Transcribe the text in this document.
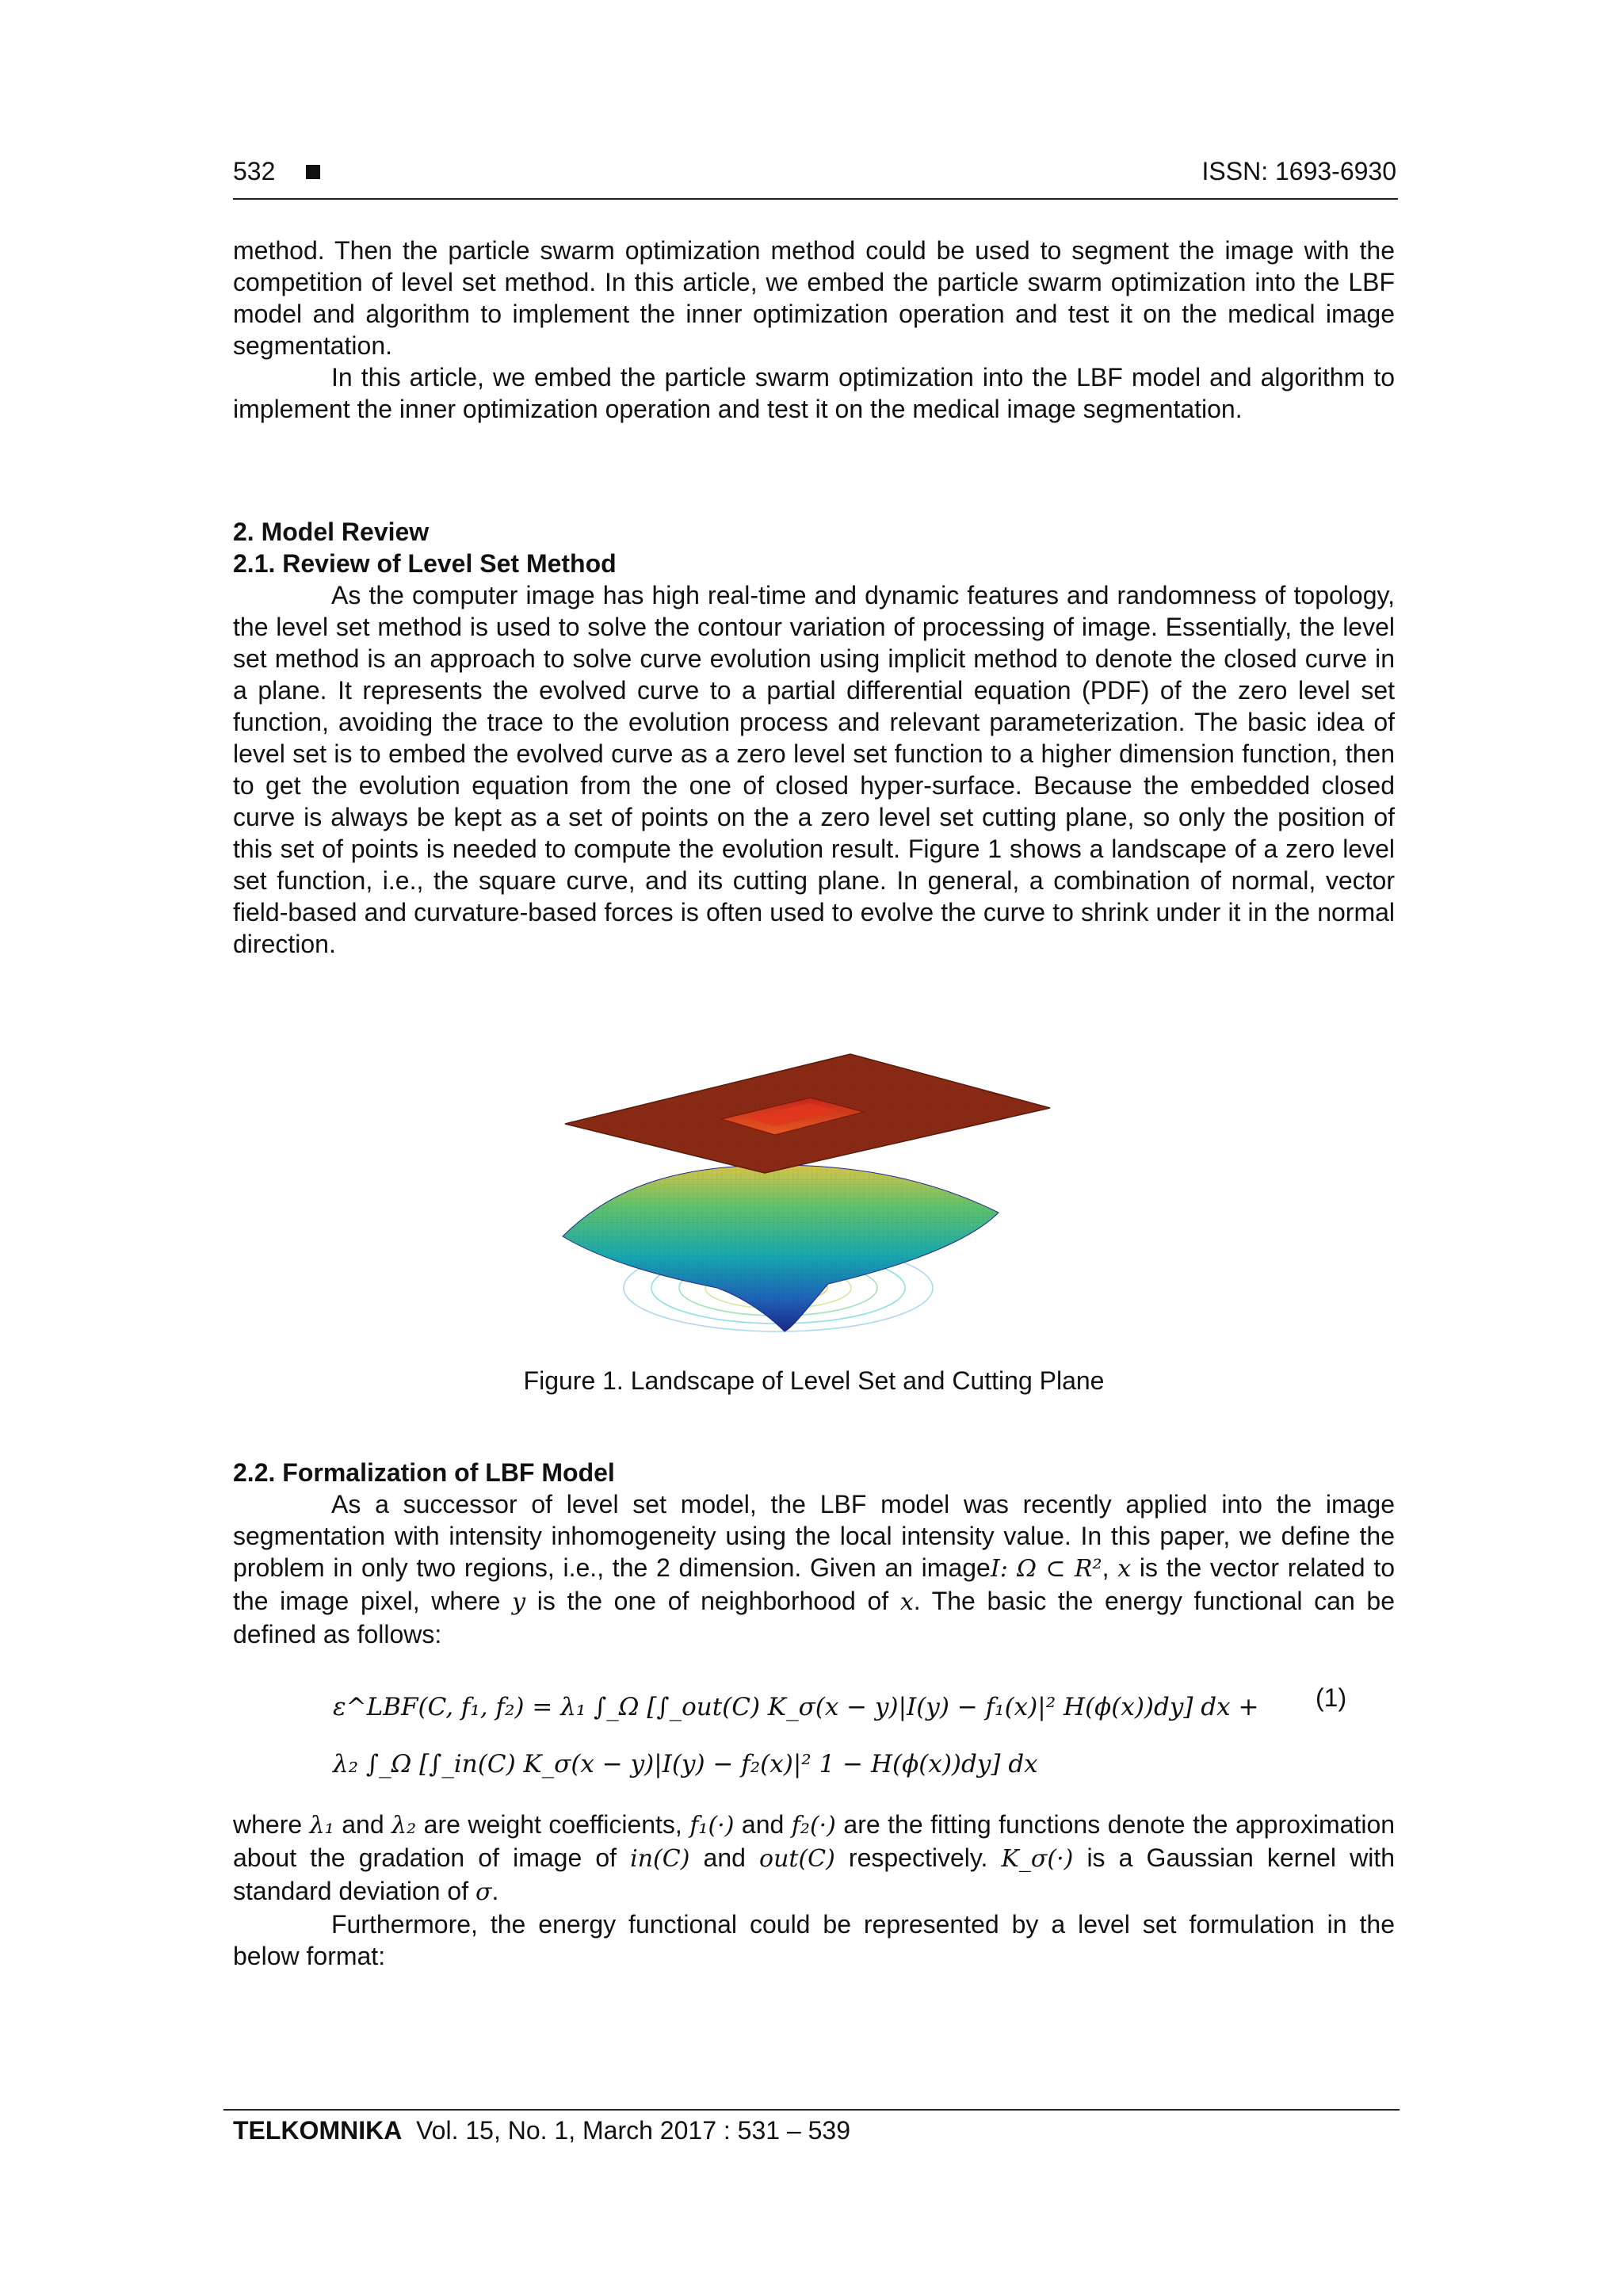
532	ISSN: 1693-6930

method. Then the particle swarm optimization method could be used to segment the image with the competition of level set method. In this article, we embed the particle swarm optimization into the LBF model and algorithm to implement the inner optimization operation and test it on the medical image segmentation.

In this article, we embed the particle swarm optimization into the LBF model and algorithm to implement the inner optimization operation and test it on the medical image segmentation.

2. Model Review
2.1. Review of Level Set Method

As the computer image has high real-time and dynamic features and randomness of topology, the level set method is used to solve the contour variation of processing of image. Essentially, the level set method is an approach to solve curve evolution using implicit method to denote the closed curve in a plane. It represents the evolved curve to a partial differential equation (PDF) of the zero level set function, avoiding the trace to the evolution process and relevant parameterization. The basic idea of level set is to embed the evolved curve as a zero level set function to a higher dimension function, then to get the evolution equation from the one of closed hyper-surface. Because the embedded closed curve is always be kept as a set of points on the a zero level set cutting plane, so only the position of this set of points is needed to compute the evolution result. Figure 1 shows a landscape of a zero level set function, i.e., the square curve, and its cutting plane. In general, a combination of normal, vector field-based and curvature-based forces is often used to evolve the curve to shrink under it in the normal direction.

Figure 1. Landscape of Level Set and Cutting Plane
2.2. Formalization of LBF Model

As a successor of level set model, the LBF model was recently applied into the image segmentation with intensity inhomogeneity using the local intensity value. In this paper, we define the problem in only two regions, i.e., the 2 dimension. Given an imageI: Ω ⊂ R², x is the vector related to the image pixel, where y is the one of neighborhood of x. The basic the energy functional can be defined as follows:

ε^LBF(C, f₁, f₂) = λ₁ ∫_Ω [∫_out(C) K_σ(x − y)|I(y) − f₁(x)|² H(ϕ(x))dy] dx +
λ₂ ∫_Ω [∫_in(C) K_σ(x − y)|I(y) − f₂(x)|² 1 − H(ϕ(x))dy] dx
(1)

where λ₁ and λ₂ are weight coefficients, f₁(·) and f₂(·) are the fitting functions denote the approximation about the gradation of image of in(C) and out(C) respectively. K_σ(·) is a Gaussian kernel with standard deviation of σ.

Furthermore, the energy functional could be represented by a level set formulation in the below format:

TELKOMNIKA Vol. 15, No. 1, March 2017 : 531 – 539
